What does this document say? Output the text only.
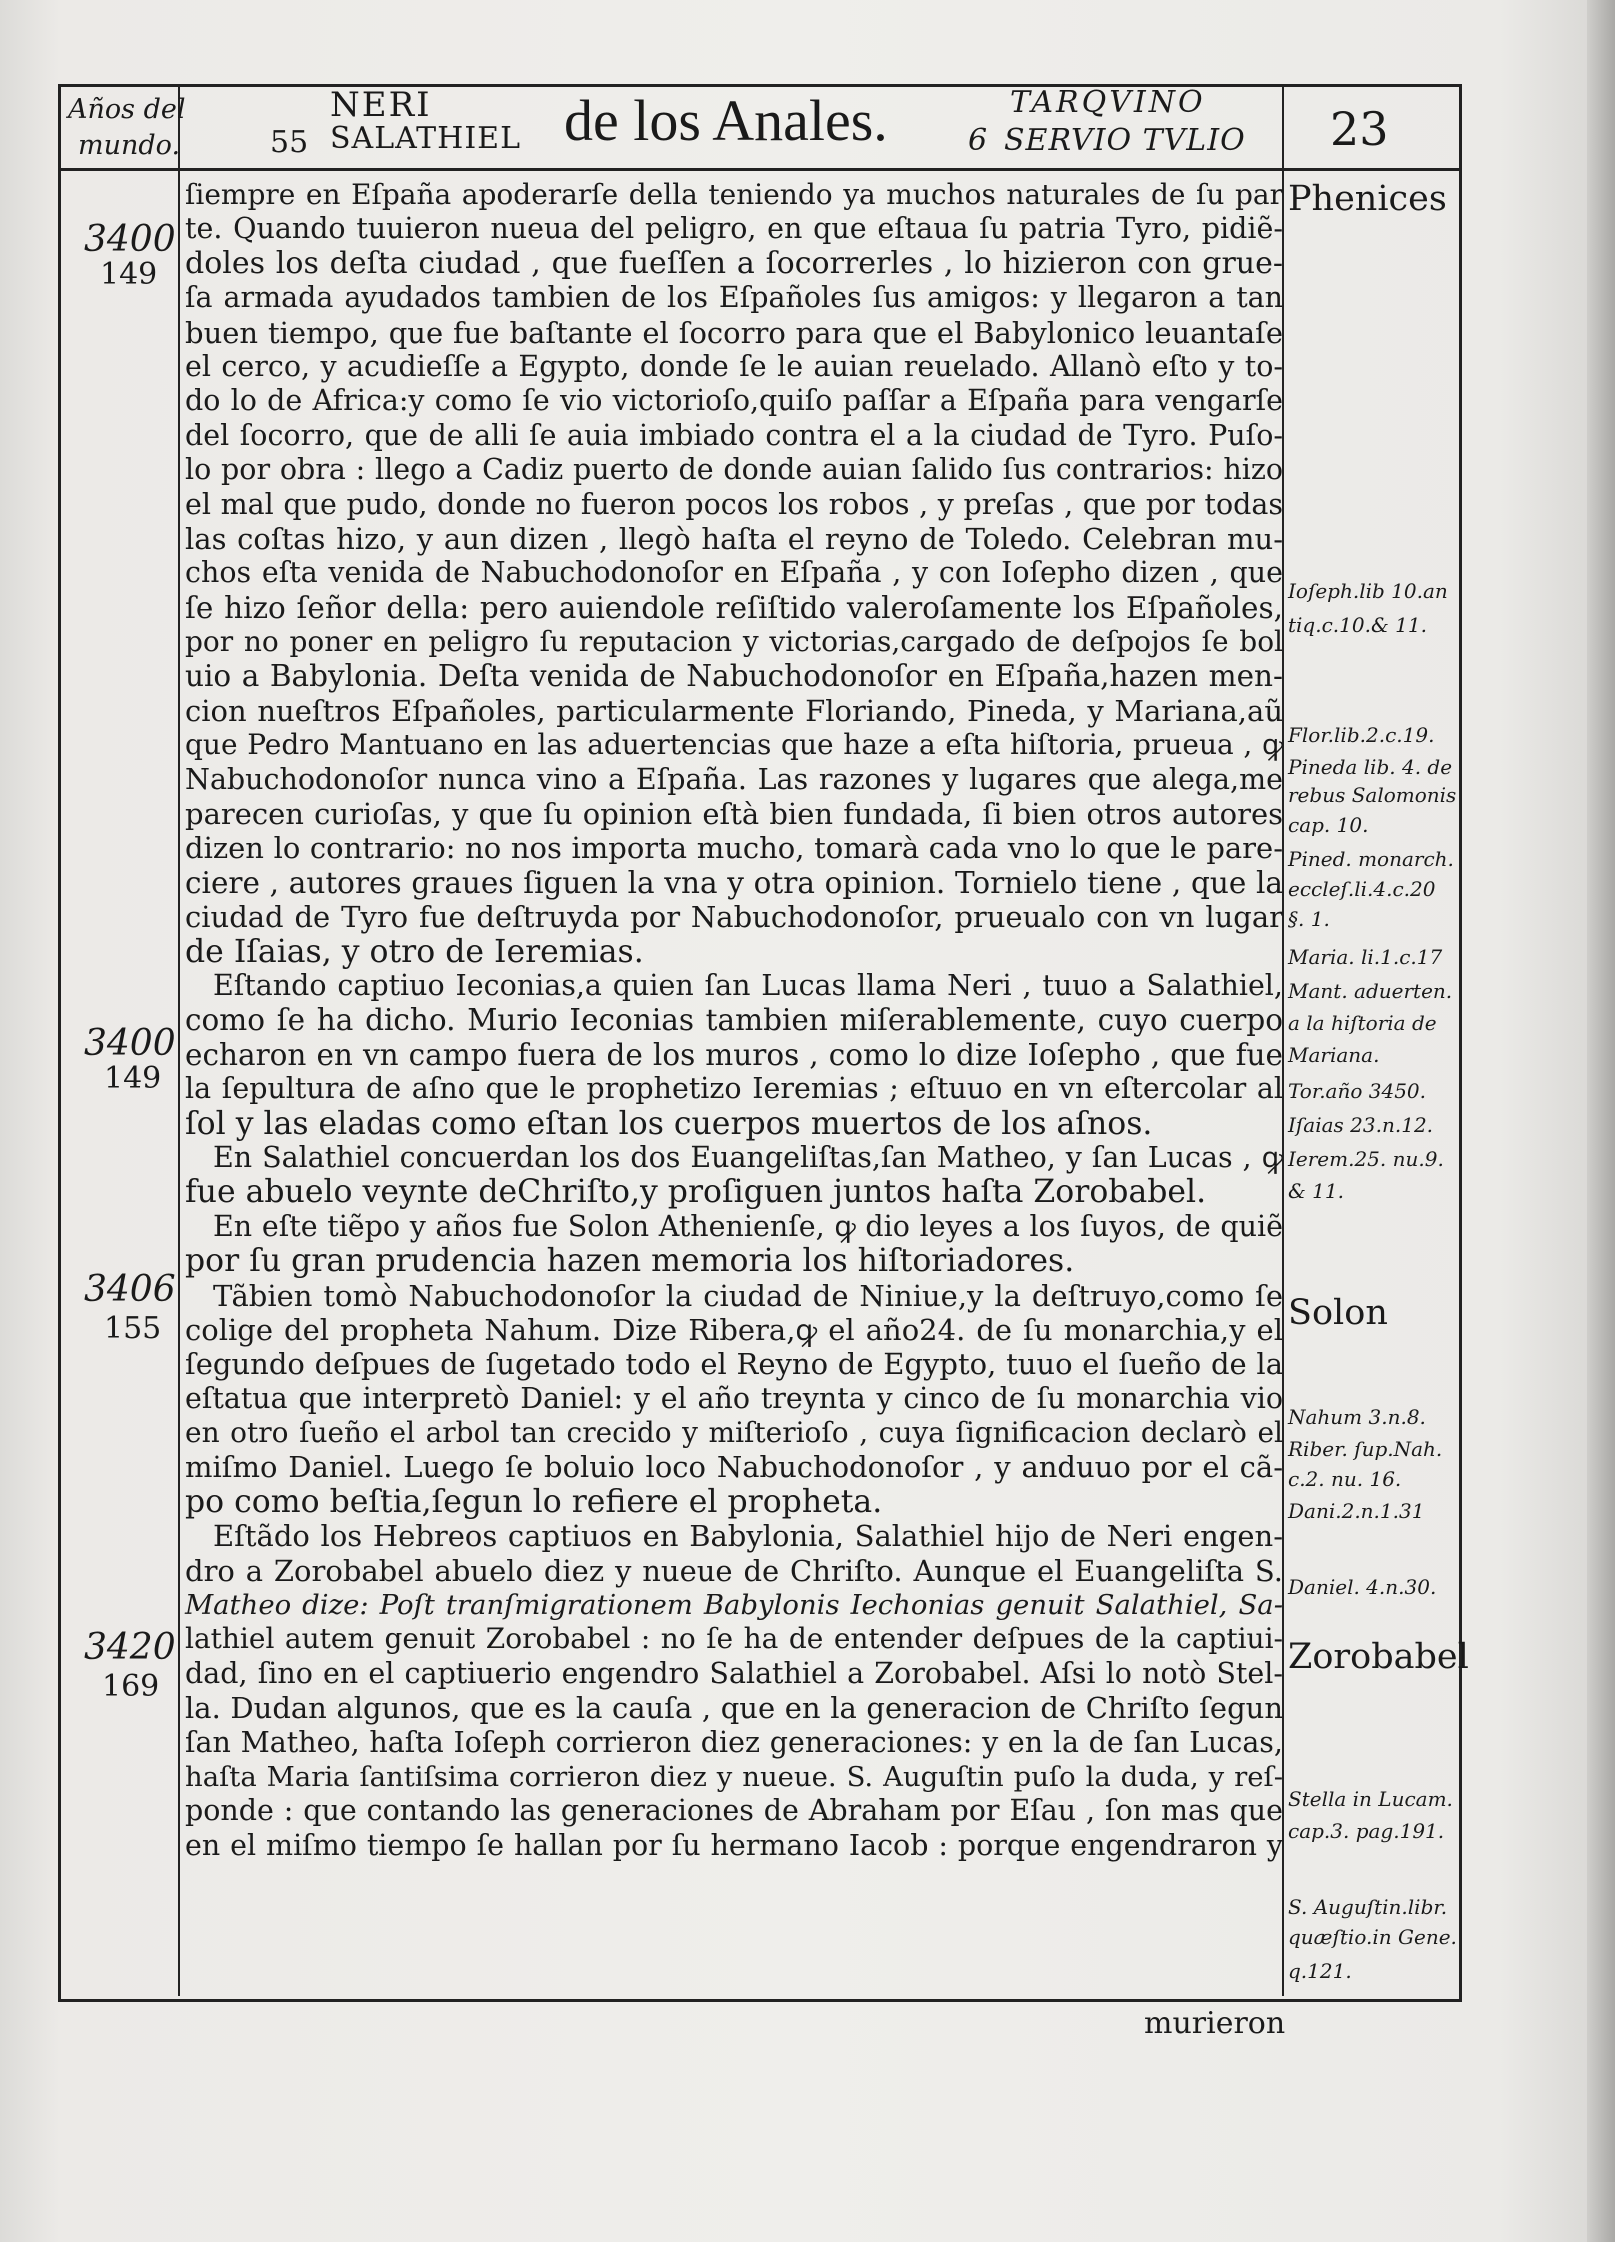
Años del
mundo.
NERI
55 SALATHIEL de los Anales.	TARQVINO
6 SERVIO TVLIO 23
3400
149
3400
149
3406
155
3420
169
ſiempre en Eſpaña apoderarſe della teniendo ya muchos naturales de ſu par
te. Quando tuuieron nueua del peligro, en que eſtaua ſu patria Tyro, pidiẽ-
doles los deſta ciudad , que fueſſen a ſocorrerles , lo hizieron con grue-
ſa armada ayudados tambien de los Eſpañoles ſus amigos: y llegaron a tan
buen tiempo, que fue baſtante el ſocorro para que el Babylonico leuantaſe
el cerco, y acudieſſe a Egypto, donde ſe le auian reuelado. Allanò eſto y to-
do lo de Africa:y como ſe vio victorioſo,quiſo paſſar a Eſpaña para vengarſe
del ſocorro, que de alli ſe auia imbiado contra el a la ciudad de Tyro. Puſo-
lo por obra : llego a Cadiz puerto de donde auian ſalido ſus contrarios: hizo
el mal que pudo, donde no fueron pocos los robos , y preſas , que por todas
las coſtas hizo, y aun dizen , llegò haſta el reyno de Toledo. Celebran mu-
chos eſta venida de Nabuchodonoſor en Eſpaña , y con Ioſepho dizen , que
ſe hizo ſeñor della: pero auiendole reſiſtido valeroſamente los Eſpañoles,
por no poner en peligro ſu reputacion y victorias,cargado de deſpojos ſe bol
uio a Babylonia. Deſta venida de Nabuchodonoſor en Eſpaña,hazen men-
cion nueſtros Eſpañoles, particularmente Floriando, Pineda, y Mariana,aũ
que Pedro Mantuano en las aduertencias que haze a eſta hiſtoria, prueua , ꝙ
Nabuchodonoſor nunca vino a Eſpaña. Las razones y lugares que alega,me
parecen curioſas, y que ſu opinion eſtà bien fundada, ſi bien otros autores
dizen lo contrario: no nos importa mucho, tomarà cada vno lo que le pare-
ciere , autores graues ſiguen la vna y otra opinion. Tornielo tiene , que la
ciudad de Tyro fue deſtruyda por Nabuchodonoſor, prueualo con vn lugar
de Iſaias, y otro de Ieremias.
Eſtando captiuo Ieconias,a quien ſan Lucas llama Neri , tuuo a Salathiel,
como ſe ha dicho. Murio Ieconias tambien miſerablemente, cuyo cuerpo
echaron en vn campo fuera de los muros , como lo dize Ioſepho , que fue
la ſepultura de aſno que le prophetizo Ieremias ; eſtuuo en vn eſtercolar al
ſol y las eladas como eſtan los cuerpos muertos de los aſnos.
En Salathiel concuerdan los dos Euangeliſtas,ſan Matheo, y ſan Lucas , ꝙ
fue abuelo veynte deChriſto,y proſiguen juntos haſta Zorobabel.
En eſte tiẽpo y años fue Solon Athenienſe, ꝙ dio leyes a los ſuyos, de quiẽ
por ſu gran prudencia hazen memoria los hiſtoriadores.
Tãbien tomò Nabuchodonoſor la ciudad de Niniue,y la deſtruyo,como ſe
colige del propheta Nahum. Dize Ribera,ꝙ el año24. de ſu monarchia,y el
ſegundo deſpues de ſugetado todo el Reyno de Egypto, tuuo el ſueño de la
eſtatua que interpretò Daniel: y el año treynta y cinco de ſu monarchia vio
en otro ſueño el arbol tan crecido y miſterioſo , cuya ſignificacion declarò el
miſmo Daniel. Luego ſe boluio loco Nabuchodonoſor , y anduuo por el cã-
po como beſtia,ſegun lo refiere el propheta.
Eſtãdo los Hebreos captiuos en Babylonia, Salathiel hijo de Neri engen-
dro a Zorobabel abuelo diez y nueue de Chriſto. Aunque el Euangeliſta S.
Matheo dize: Poſt tranſmigrationem Babylonis Iechonias genuit Salathiel, Sa-
lathiel autem genuit Zorobabel : no ſe ha de entender deſpues de la captiui-
dad, ſino en el captiuerio engendro Salathiel a Zorobabel. Aſsi lo notò Stel-
la. Dudan algunos, que es la cauſa , que en la generacion de Chriſto ſegun
ſan Matheo, haſta Ioſeph corrieron diez generaciones: y en la de ſan Lucas,
haſta Maria ſantiſsima corrieron diez y nueue. S. Auguſtin puſo la duda, y reſ-
ponde : que contando las generaciones de Abraham por Eſau , ſon mas que
en el miſmo tiempo ſe hallan por ſu hermano Iacob : porque engendraron y
Phenices
Ioſeph.lib 10.an
tiq.c.10.& 11.
Flor.lib.2.c.19.
Pineda lib. 4. de
rebus Salomonis
cap. 10.
Pined. monarch.
eccleſ.li.4.c.20
§. 1.
Maria. li.1.c.17
Mant. aduerten.
a la hiſtoria de
Mariana.
Tor.año 3450.
Iſaias 23.n.12.
Ierem.25. nu.9.
& 11.
Solon
Nahum 3.n.8.
Riber. ſup.Nah.
c.2. nu. 16.
Dani.2.n.1.31
Daniel. 4.n.30.
Zorobabel
Stella in Lucam.
cap.3. pag.191.
S. Auguſtin.libr.
quæſtio.in Gene.
q.121.
murieron
